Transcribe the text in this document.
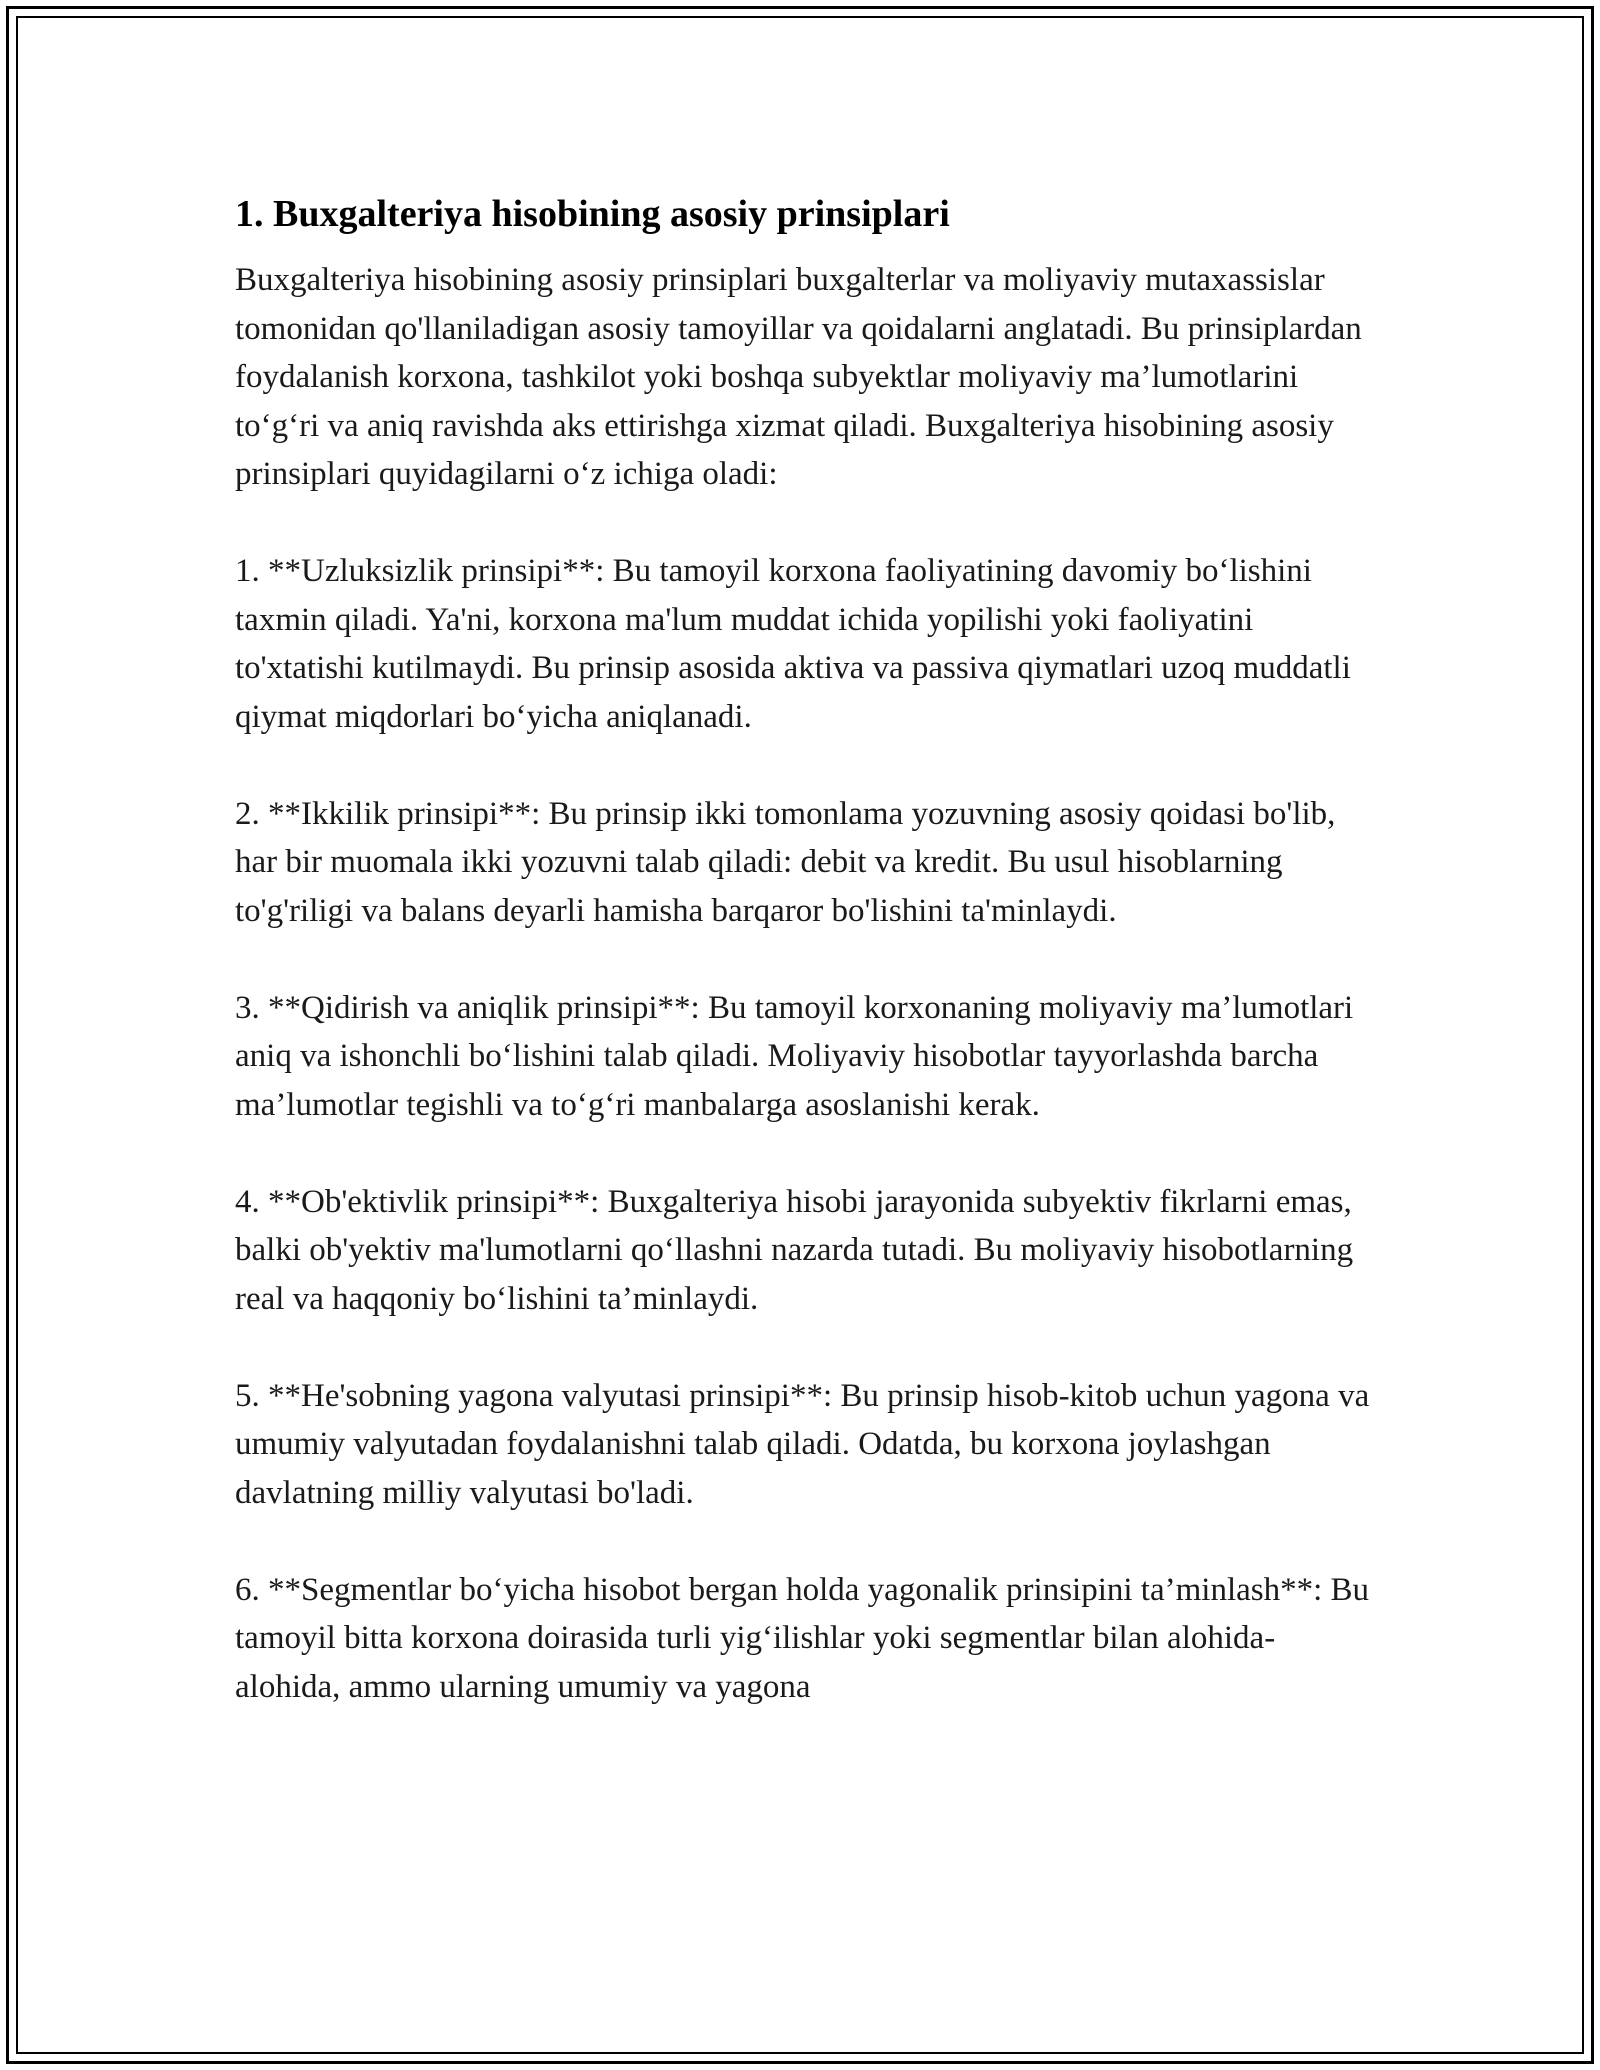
1. Buxgalteriya hisobining asosiy prinsiplari

Buxgalteriya hisobining asosiy prinsiplari buxgalterlar va moliyaviy mutaxassislar tomonidan qo'llaniladigan asosiy tamoyillar va qoidalarni anglatadi. Bu prinsiplardan foydalanish korxona, tashkilot yoki boshqa subyektlar moliyaviy ma’lumotlarini to‘g‘ri va aniq ravishda aks ettirishga xizmat qiladi. Buxgalteriya hisobining asosiy prinsiplari quyidagilarni o‘z ichiga oladi:

1. **Uzluksizlik prinsipi**: Bu tamoyil korxona faoliyatining davomiy bo‘lishini taxmin qiladi. Ya'ni, korxona ma'lum muddat ichida yopilishi yoki faoliyatini to'xtatishi kutilmaydi. Bu prinsip asosida aktiva va passiva qiymatlari uzoq muddatli qiymat miqdorlari bo‘yicha aniqlanadi.

2. **Ikkilik prinsipi**: Bu prinsip ikki tomonlama yozuvning asosiy qoidasi bo'lib, har bir muomala ikki yozuvni talab qiladi: debit va kredit. Bu usul hisoblarning to'g'riligi va balans deyarli hamisha barqaror bo'lishini ta'minlaydi.

3. **Qidirish va aniqlik prinsipi**: Bu tamoyil korxonaning moliyaviy ma’lumotlari aniq va ishonchli bo‘lishini talab qiladi. Moliyaviy hisobotlar tayyorlashda barcha ma’lumotlar tegishli va to‘g‘ri manbalarga asoslanishi kerak.

4. **Ob'ektivlik prinsipi**: Buxgalteriya hisobi jarayonida subyektiv fikrlarni emas, balki ob'yektiv ma'lumotlarni qo‘llashni nazarda tutadi. Bu moliyaviy hisobotlarning real va haqqoniy bo‘lishini ta’minlaydi.

5. **He'sobning yagona valyutasi prinsipi**: Bu prinsip hisob-kitob uchun yagona va umumiy valyutadan foydalanishni talab qiladi. Odatda, bu korxona joylashgan davlatning milliy valyutasi bo'ladi.

6. **Segmentlar bo‘yicha hisobot bergan holda yagonalik prinsipini ta’minlash**: Bu tamoyil bitta korxona doirasida turli yig‘ilishlar yoki segmentlar bilan alohida-alohida, ammo ularning umumiy va yagona
